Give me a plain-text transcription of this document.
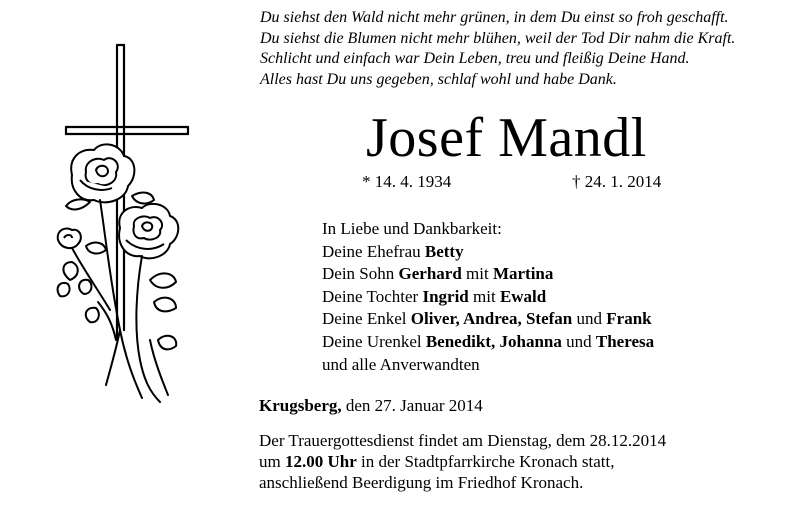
Du siehst den Wald nicht mehr grünen, in dem Du einst so froh geschafft.
Du siehst die Blumen nicht mehr blühen, weil der Tod Dir nahm die Kraft.
Schlicht und einfach war Dein Leben, treu und fleißig Deine Hand.
Alles hast Du uns gegeben, schlaf wohl und habe Dank.
Josef Mandl
* 14. 4. 1934	† 24. 1. 2014
In Liebe und Dankbarkeit:
Deine Ehefrau Betty
Dein Sohn Gerhard mit Martina
Deine Tochter Ingrid mit Ewald
Deine Enkel Oliver, Andrea, Stefan und Frank
Deine Urenkel Benedikt, Johanna und Theresa
und alle Anverwandten
Krugsberg, den 27. Januar 2014
Der Trauergottesdienst findet am Dienstag, dem 28.12.2014
um 12.00 Uhr in der Stadtpfarrkirche Kronach statt,
anschließend Beerdigung im Friedhof Kronach.
